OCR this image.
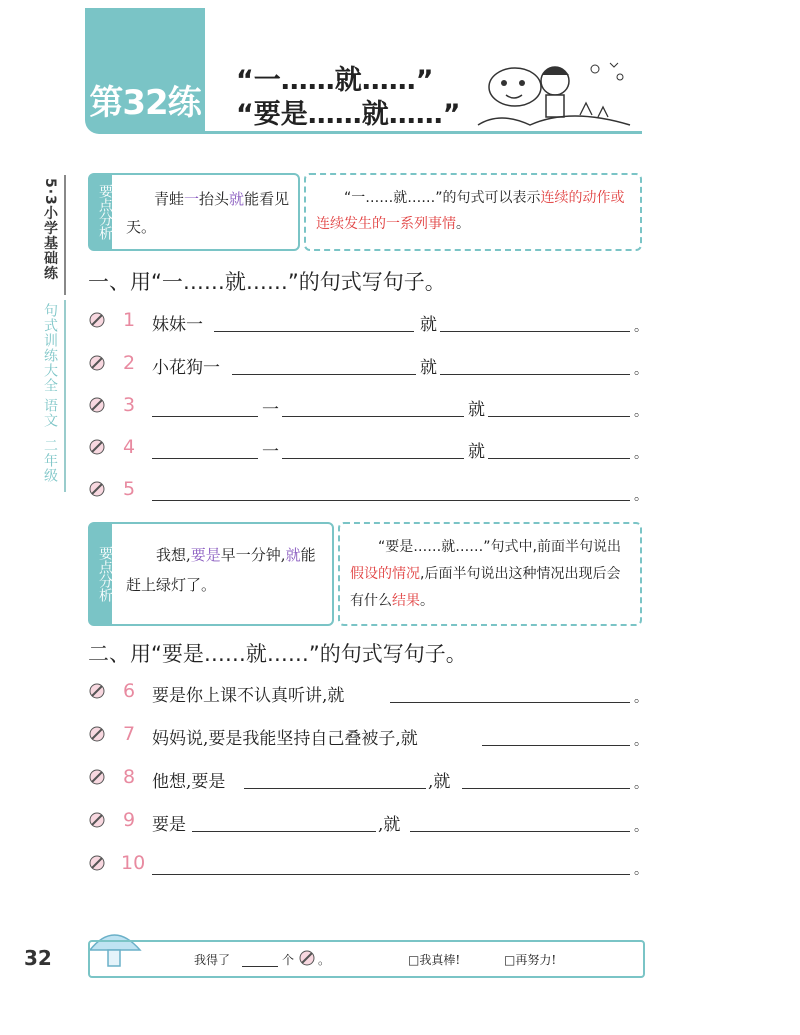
第32练
“一……就……”
“要是……就……”
5·3小学基础练
句式训练大全
语文
二年级
要点分析	青蛙一抬头就能看见天。
“一……就……”的句式可以表示连续的动作或连续发生的一系列事情。
一、用“一……就……”的句式写句子。
1 妹妹一	就	。
2 小花狗一	就	。
3	一	就	。
4	一	就	。
5	。
要点分析	我想,要是早一分钟,就能赶上绿灯了。
“要是……就……”句式中,前面半句说出假设的情况,后面半句说出这种情况出现后会有什么结果。
二、用“要是……就……”的句式写句子。
6 要是你上课不认真听讲,就	。
7 妈妈说,要是我能坚持自己叠被子,就	。
8 他想,要是	,就	。
9 要是	,就	。
10	。
32	我得了	个 。	□我真棒!	□再努力!
